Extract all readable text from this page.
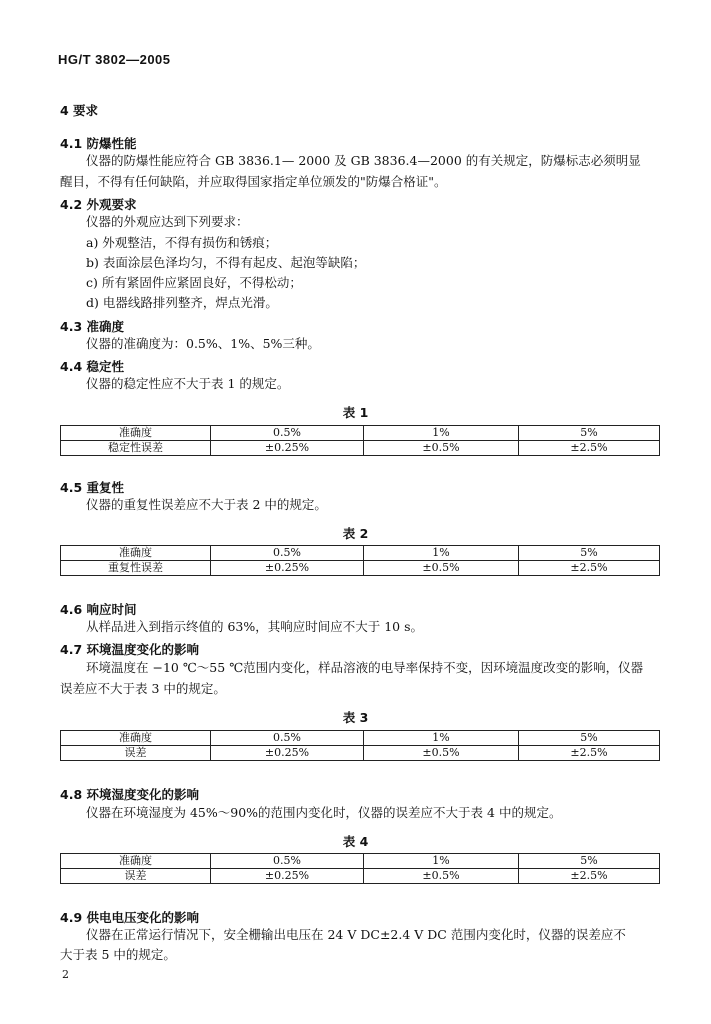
HG/T 3802—2005
4 要求
4.1 防爆性能
仪器的防爆性能应符合 GB 3836.1— 2000 及 GB 3836.4—2000 的有关规定，防爆标志必须明显
醒目，不得有任何缺陷，并应取得国家指定单位颁发的"防爆合格证"。
4.2 外观要求
仪器的外观应达到下列要求：
a) 外观整洁，不得有损伤和锈痕；
b) 表面涂层色泽均匀，不得有起皮、起泡等缺陷；
c) 所有紧固件应紧固良好，不得松动；
d) 电器线路排列整齐，焊点光滑。
4.3 准确度
仪器的准确度为：0.5%、1%、5%三种。
4.4 稳定性
仪器的稳定性应不大于表 1 的规定。
表 1
准确度	0.5%	1%	5%
稳定性误差	±0.25%	±0.5%	±2.5%
4.5 重复性
仪器的重复性误差应不大于表 2 中的规定。
表 2
准确度	0.5%	1%	5%
重复性误差	±0.25%	±0.5%	±2.5%
4.6 响应时间
从样品进入到指示终值的 63%，其响应时间应不大于 10 s。
4.7 环境温度变化的影响
环境温度在 −10 ℃～55 ℃范围内变化，样品溶液的电导率保持不变，因环境温度改变的影响，仪器
误差应不大于表 3 中的规定。
表 3
准确度	0.5%	1%	5%
误差	±0.25%	±0.5%	±2.5%
4.8 环境湿度变化的影响
仪器在环境湿度为 45%～90%的范围内变化时，仪器的误差应不大于表 4 中的规定。
表 4
准确度	0.5%	1%	5%
误差	±0.25%	±0.5%	±2.5%
4.9 供电电压变化的影响
仪器在正常运行情况下，安全栅输出电压在 24 V DC±2.4 V DC 范围内变化时，仪器的误差应不
大于表 5 中的规定。
2
